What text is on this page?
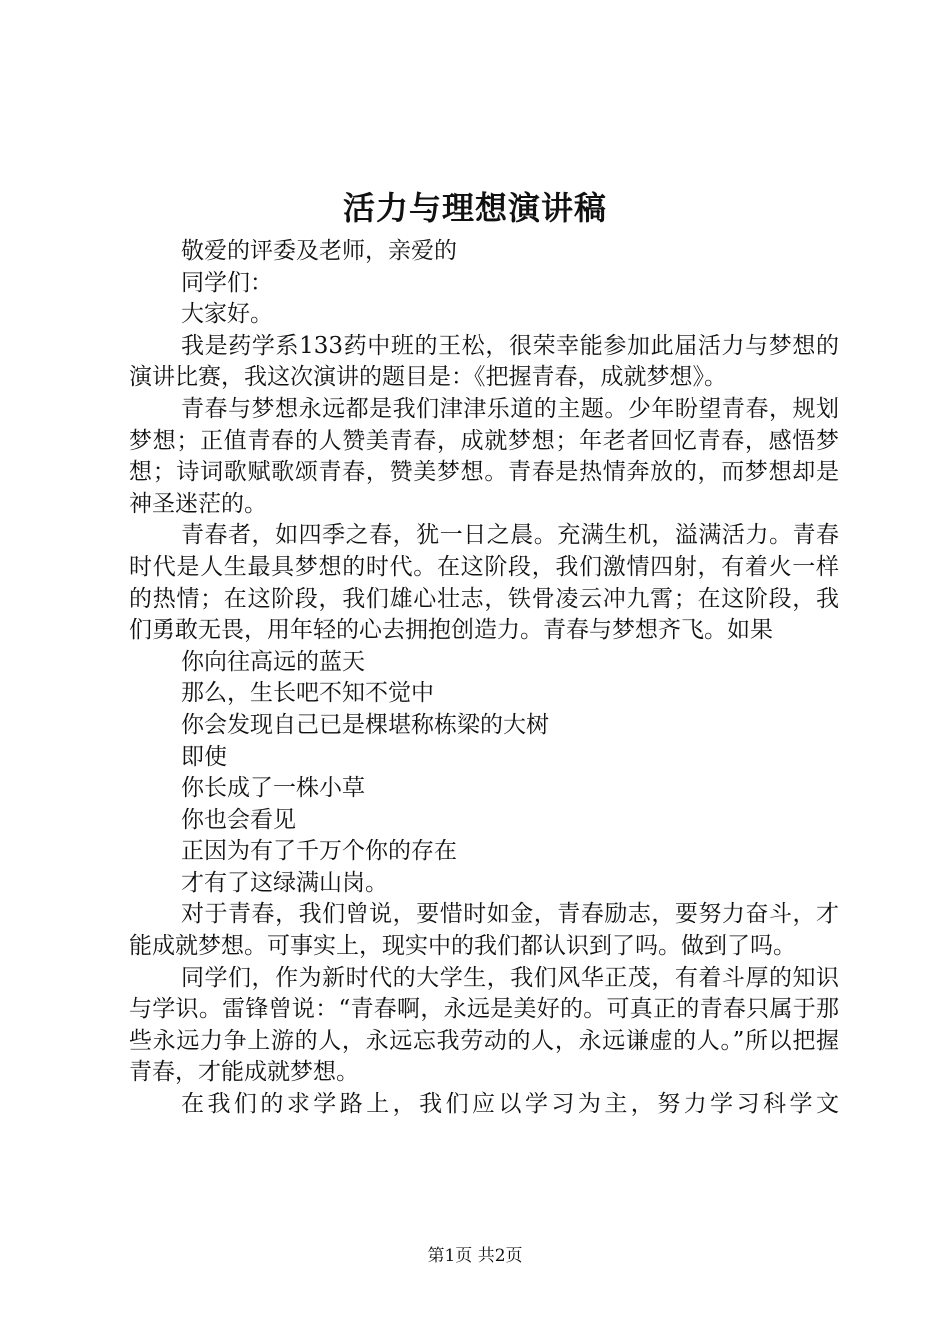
活力与理想演讲稿

敬爱的评委及老师，亲爱的

同学们：

大家好。

我是药学系133药中班的王松，很荣幸能参加此届活力与梦想的演讲比赛，我这次演讲的题目是：《把握青春，成就梦想》。

青春与梦想永远都是我们津津乐道的主题。少年盼望青春，规划梦想；正值青春的人赞美青春，成就梦想；年老者回忆青春，感悟梦想；诗词歌赋歌颂青春，赞美梦想。青春是热情奔放的，而梦想却是神圣迷茫的。

青春者，如四季之春，犹一日之晨。充满生机，溢满活力。青春时代是人生最具梦想的时代。在这阶段，我们激情四射，有着火一样的热情；在这阶段，我们雄心壮志，铁骨凌云冲九霄；在这阶段，我们勇敢无畏，用年轻的心去拥抱创造力。青春与梦想齐飞。如果

你向往高远的蓝天

那么，生长吧不知不觉中

你会发现自己已是棵堪称栋梁的大树

即使

你长成了一株小草

你也会看见

正因为有了千万个你的存在

才有了这绿满山岗。

对于青春，我们曾说，要惜时如金，青春励志，要努力奋斗，才能成就梦想。可事实上，现实中的我们都认识到了吗。做到了吗。

同学们，作为新时代的大学生，我们风华正茂，有着斗厚的知识与学识。雷锋曾说：“青春啊，永远是美好的。可真正的青春只属于那些永远力争上游的人，永远忘我劳动的人，永远谦虚的人。”所以把握青春，才能成就梦想。

在我们的求学路上，我们应以学习为主，努力学习科学文

第1页 共2页
